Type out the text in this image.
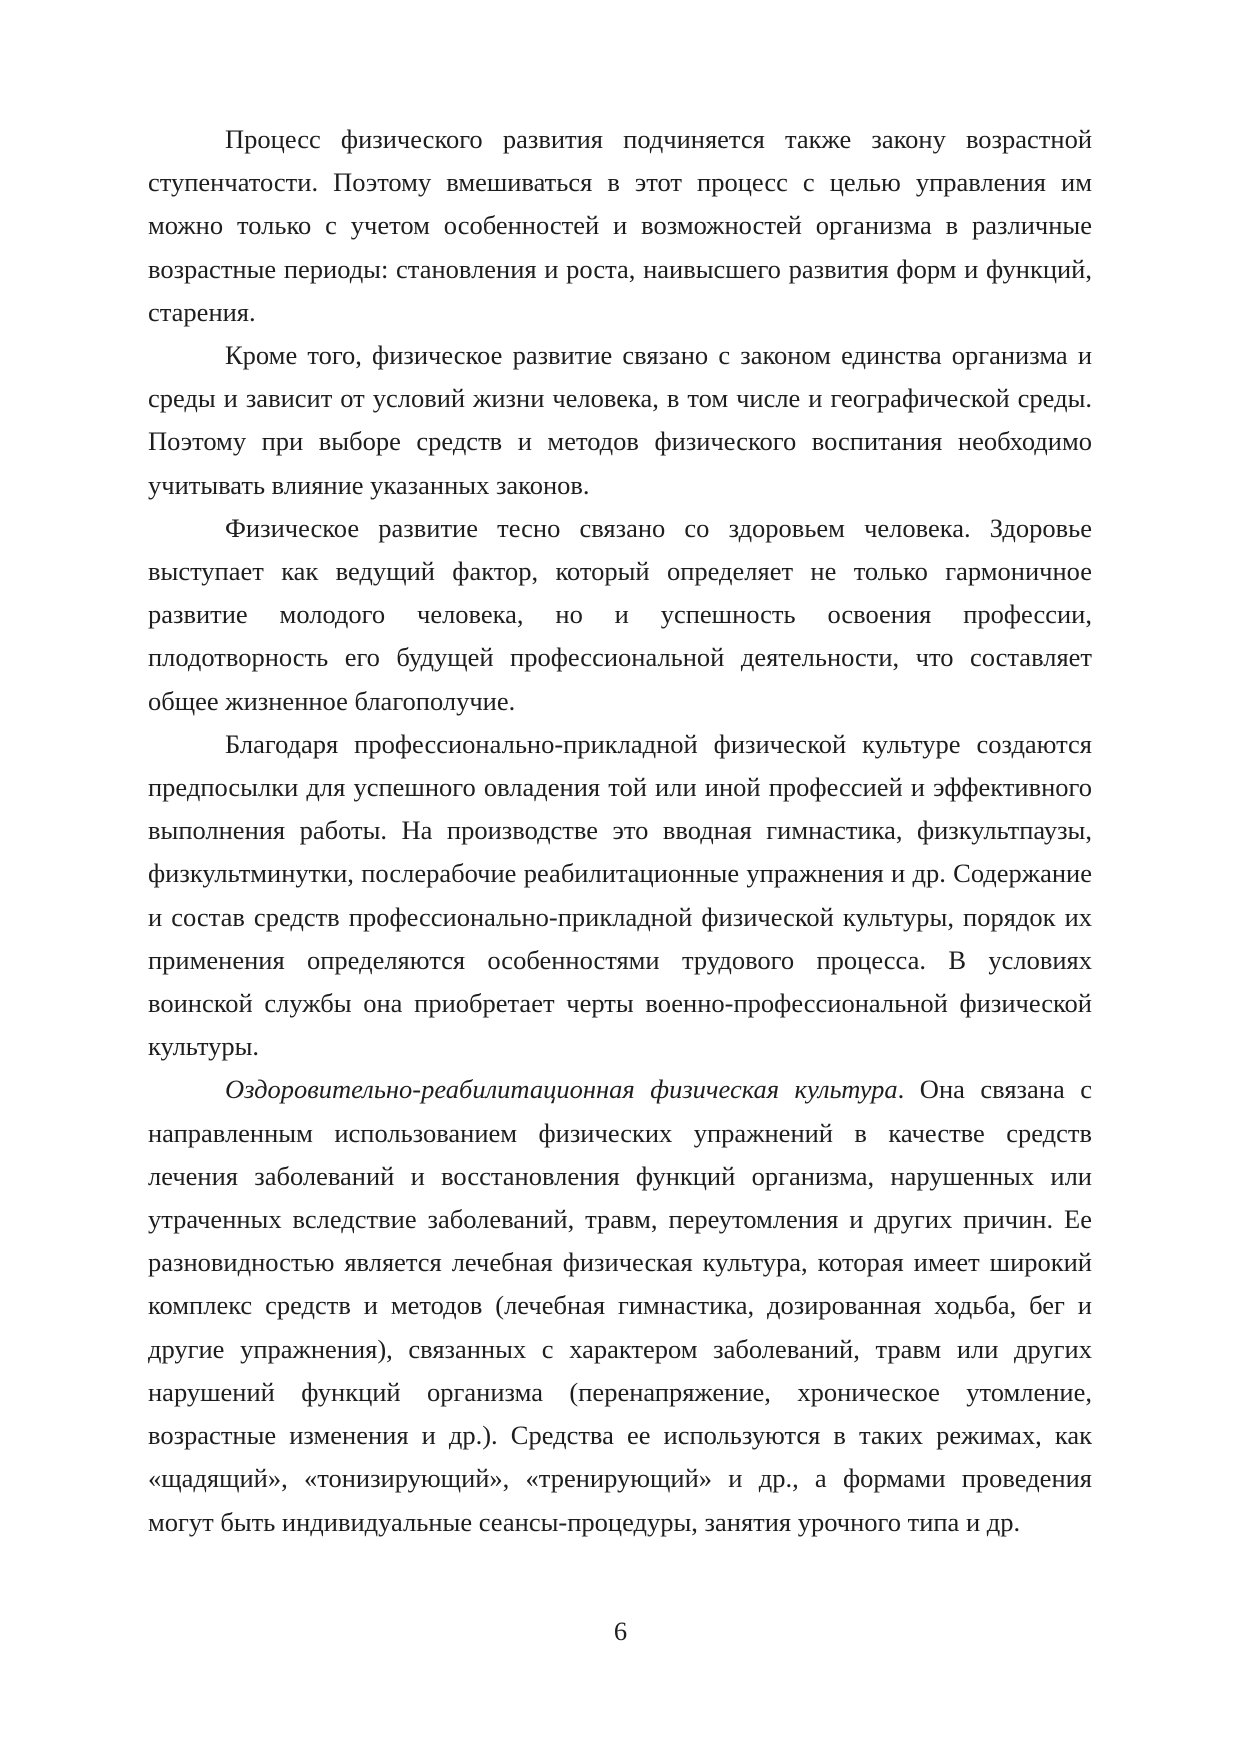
Процесс физического развития подчиняется также закону возрастной ступенчатости. Поэтому вмешиваться в этот процесс с целью управления им можно только с учетом особенностей и возможностей организма в различные возрастные периоды: становления и роста, наивысшего развития форм и функций, старения.

Кроме того, физическое развитие связано с законом единства организма и среды и зависит от условий жизни человека, в том числе и географической среды. Поэтому при выборе средств и методов физического воспитания необходимо учитывать влияние указанных законов.

Физическое развитие тесно связано со здоровьем человека. Здоровье выступает как ведущий фактор, который определяет не только гармоничное развитие молодого человека, но и успешность освоения профессии, плодотворность его будущей профессиональной деятельности, что составляет общее жизненное благополучие.

Благодаря профессионально-прикладной физической культуре создаются предпосылки для успешного овладения той или иной профессией и эффективного выполнения работы. На производстве это вводная гимнастика, физкультпаузы, физкультминутки, послерабочие реабилитационные упражнения и др. Содержание и состав средств профессионально-прикладной физической культуры, порядок их применения определяются особенностями трудового процесса. В условиях воинской службы она приобретает черты военно-профессиональной физической культуры.

Оздоровительно-реабилитационная физическая культура. Она связана с направленным использованием физических упражнений в качестве средств лечения заболеваний и восстановления функций организма, нарушенных или утраченных вследствие заболеваний, травм, переутомления и других причин. Ее разновидностью является лечебная физическая культура, которая имеет широкий комплекс средств и методов (лечебная гимнастика, дозированная ходьба, бег и другие упражнения), связанных с характером заболеваний, травм или других нарушений функций организма (перенапряжение, хроническое утомление, возрастные изменения и др.). Средства ее используются в таких режимах, как «щадящий», «тонизирующий», «тренирующий» и др., а формами проведения могут быть индивидуальные сеансы-процедуры, занятия урочного типа и др.

6
